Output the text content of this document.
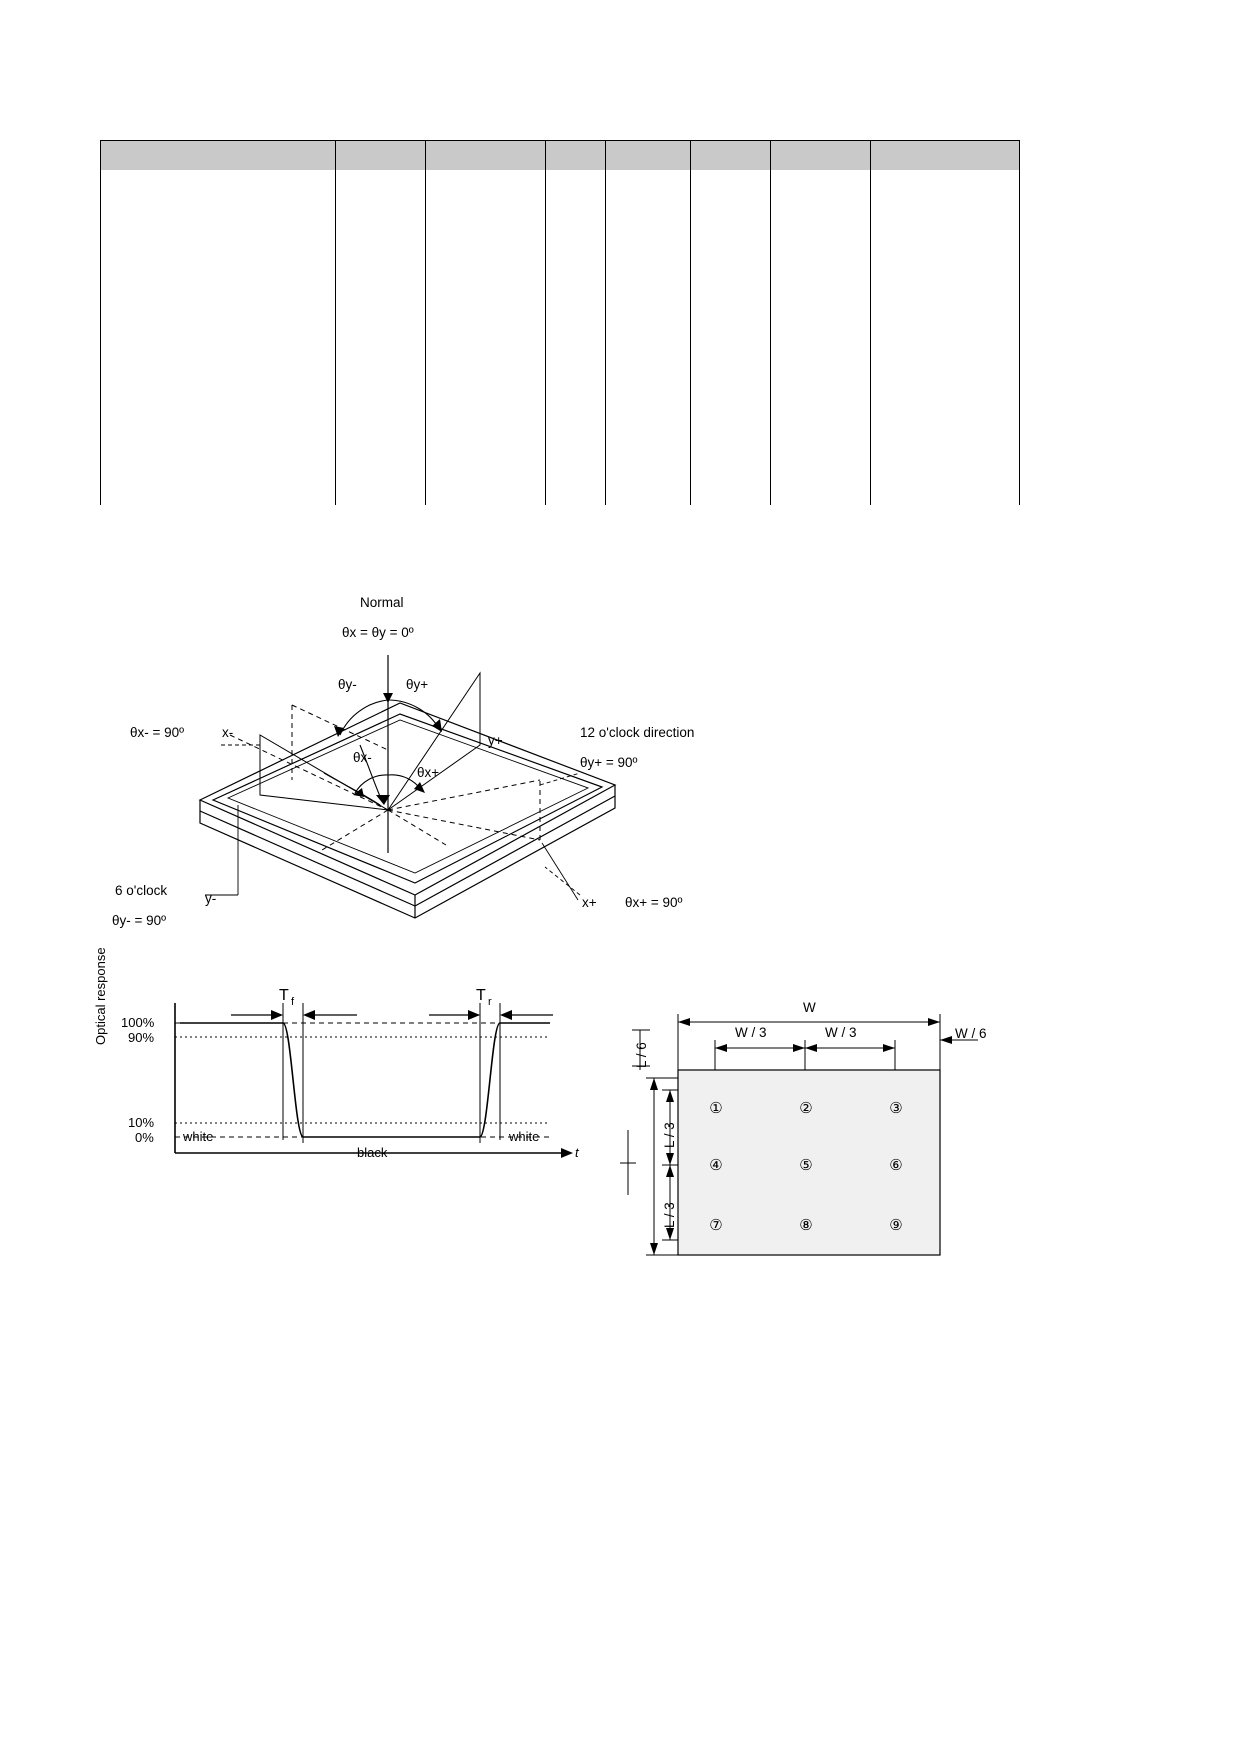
Normal
θx = θy = 0º
θy-	θy+
θx-
θx+
θx- = 90º	x-
y+
12 o'clock direction
θy+ = 90º
6 o'clock
y-
θy- = 90º
x+ θx+ = 90º
Optical response 100%
90%
10%
0%
T f	T r
white
black
white
t
W
W / 3	W / 3	W / 6
L / 6
L / 3
L / 3
①	②	③
④	⑤	⑥
⑦	⑧	⑨
